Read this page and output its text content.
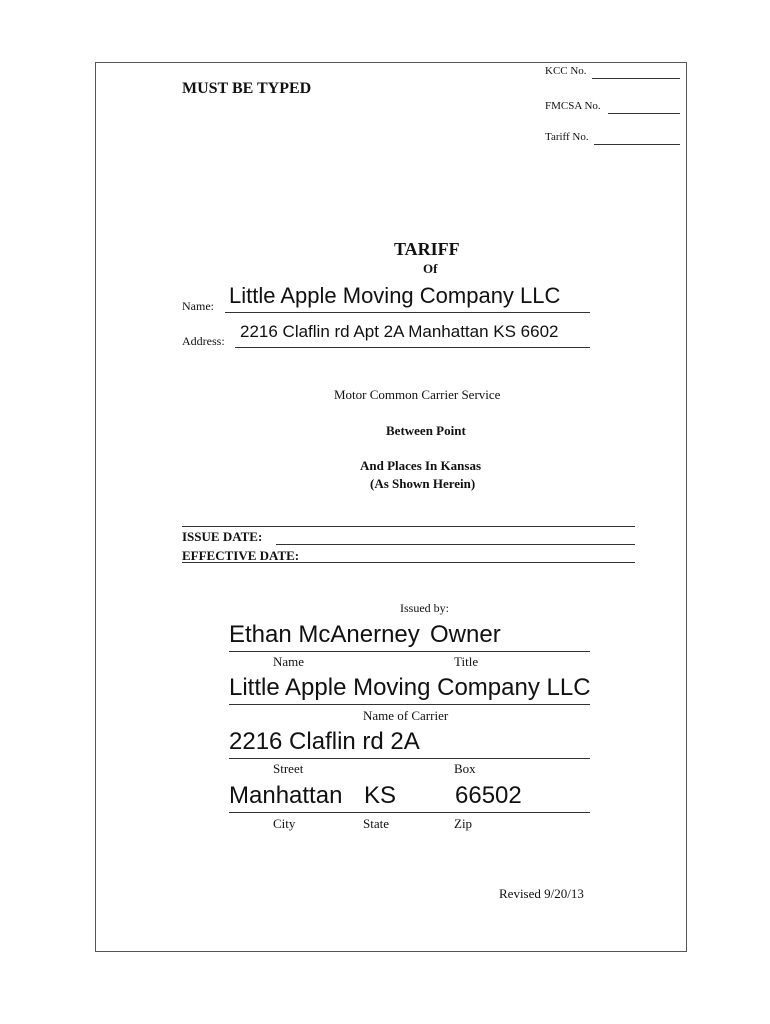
MUST BE TYPED
KCC No.
FMCSA No.
Tariff No.
TARIFF
Of
Name: Little Apple Moving Company LLC
Address: 2216 Claflin rd Apt 2A Manhattan KS 6602
Motor Common Carrier Service
Between Point
And Places In Kansas
(As Shown Herein)
ISSUE DATE:
EFFECTIVE DATE:
Issued by:
Ethan McAnerney Owner
Name	Title
Little Apple Moving Company LLC
Name of Carrier
2216 Claflin rd 2A
Street	Box
Manhattan KS 66502
City	State	Zip
Revised 9/20/13
